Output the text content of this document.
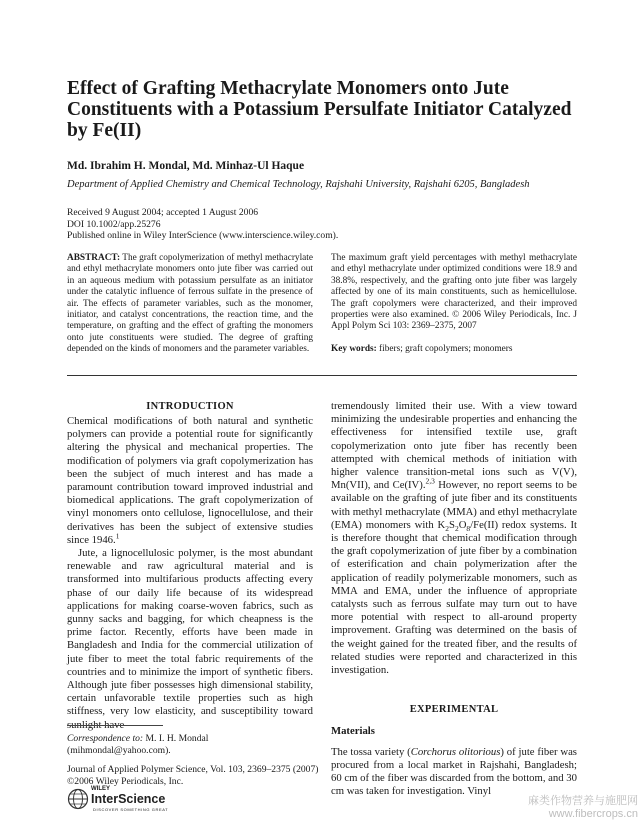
Effect of Grafting Methacrylate Monomers onto Jute Constituents with a Potassium Persulfate Initiator Catalyzed by Fe(II)
Md. Ibrahim H. Mondal, Md. Minhaz-Ul Haque
Department of Applied Chemistry and Chemical Technology, Rajshahi University, Rajshahi 6205, Bangladesh
Received 9 August 2004; accepted 1 August 2006
DOI 10.1002/app.25276
Published online in Wiley InterScience (www.interscience.wiley.com).
ABSTRACT: The graft copolymerization of methyl methacrylate and ethyl methacrylate monomers onto jute fiber was carried out in an aqueous medium with potassium persulfate as an initiator under the catalytic influence of ferrous sulfate in the presence of air. The effects of parameter variables, such as the monomer, initiator, and catalyst concentrations, the reaction time, and the temperature, on grafting and the effect of grafting the monomers onto jute constituents were studied. The degree of grafting depended on the kinds of monomers and the parameter variables.
The maximum graft yield percentages with methyl methacrylate and ethyl methacrylate under optimized conditions were 18.9 and 38.8%, respectively, and the grafting onto jute fiber was largely affected by one of its main constituents, such as hemicellulose. The graft copolymers were characterized, and their improved properties were also examined. © 2006 Wiley Periodicals, Inc. J Appl Polym Sci 103: 2369–2375, 2007
Key words: fibers; graft copolymers; monomers
INTRODUCTION

Chemical modifications of both natural and synthetic polymers can provide a potential route for significantly altering the physical and mechanical properties. The modification of polymers via graft copolymerization has been the subject of much interest and has made a paramount contribution toward improved industrial and biomedical applications. The graft copolymerization of vinyl monomers onto cellulose, lignocellulose, and their derivatives has been the subject of extensive studies since 1946.$^1$

Jute, a lignocellulosic polymer, is the most abundant renewable and raw agricultural material and is transformed into multifarious products affecting every phase of our daily life because of its widespread applications for making coarse-woven fabrics, such as gunny sacks and bagging, for which cheapness is the prime factor. Recently, efforts have been made in Bangladesh and India for the commercial utilization of jute fiber to meet the total fabric requirements of the countries and to minimize the import of synthetic fibers. Although jute fiber possesses high dimensional stability, certain unfavorable textile properties such as high stiffness, very low elasticity, and susceptibility toward sunlight have

tremendously limited their use. With a view toward minimizing the undesirable properties and enhancing the effectiveness for intensified textile use, graft copolymerization onto jute fiber has recently been attempted with chemical methods of initiation with higher valence transition-metal ions such as V(V), Mn(VII), and Ce(IV).$^{2,3}$ However, no report seems to be available on the grafting of jute fiber and its constituents with methyl methacrylate (MMA) and ethyl methacrylate (EMA) monomers with $K_2S_2O_8/Fe(II)$ redox systems. It is therefore thought that chemical modification through the graft copolymerization of jute fiber by a combination of esterification and chain polymerization after the application of readily polymerizable monomers, such as MMA and EMA, under the influence of appropriate catalysts such as ferrous sulfate may turn out to have more potential with respect to all-around property improvement. Grafting was determined on the basis of the weight gained for the treated fiber, and the results of related studies were reported and characterized in this investigation.

EXPERIMENTAL
Materials

The tossa variety (Corchorus olitorious) of jute fiber was procured from a local market in Rajshahi, Bangladesh; 60 cm of the fiber was discarded from the bottom, and 30 cm was taken for investigation. Vinyl

Correspondence to: M. I. H. Mondal (mihmondal@yahoo.com).
Journal of Applied Polymer Science, Vol. 103, 2369–2375 (2007)
©2006 Wiley Periodicals, Inc.
WILEY
InterScience
DISCOVER SOMETHING GREAT
麻类作物营养与施肥网
www.fibercrops.cn
